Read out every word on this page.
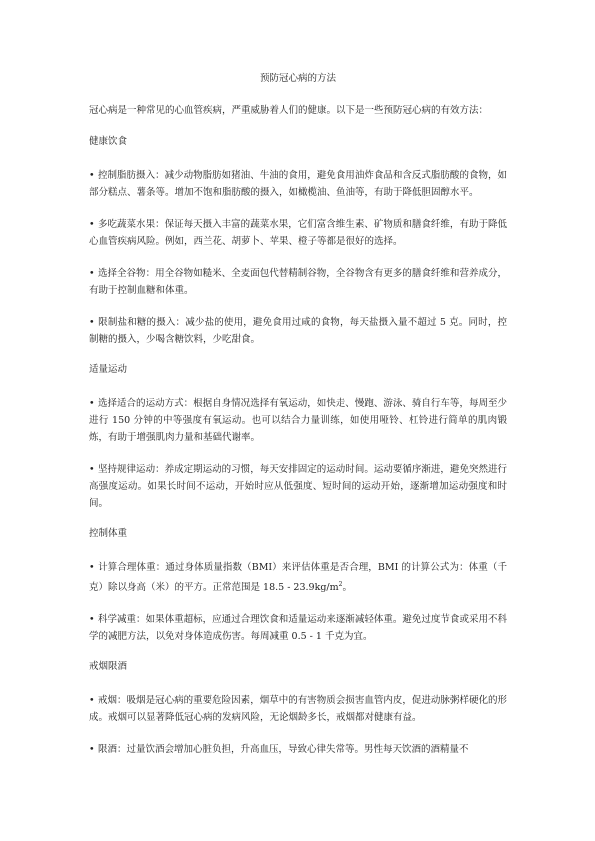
预防冠心病的方法
冠心病是一种常见的心血管疾病，严重威胁着人们的健康。以下是一些预防冠心病的有效方法：
健康饮食
• 控制脂肪摄入：减少动物脂肪如猪油、牛油的食用，避免食用油炸食品和含反式脂肪酸的食物，如部分糕点、薯条等。增加不饱和脂肪酸的摄入，如橄榄油、鱼油等，有助于降低胆固醇水平。
• 多吃蔬菜水果：保证每天摄入丰富的蔬菜水果，它们富含维生素、矿物质和膳食纤维，有助于降低心血管疾病风险。例如，西兰花、胡萝卜、苹果、橙子等都是很好的选择。
• 选择全谷物：用全谷物如糙米、全麦面包代替精制谷物，全谷物含有更多的膳食纤维和营养成分，有助于控制血糖和体重。
• 限制盐和糖的摄入：减少盐的使用，避免食用过咸的食物，每天盐摄入量不超过 5 克。同时，控制糖的摄入，少喝含糖饮料，少吃甜食。
适量运动
• 选择适合的运动方式：根据自身情况选择有氧运动，如快走、慢跑、游泳、骑自行车等，每周至少进行 150 分钟的中等强度有氧运动。也可以结合力量训练，如使用哑铃、杠铃进行简单的肌肉锻炼，有助于增强肌肉力量和基础代谢率。
• 坚持规律运动：养成定期运动的习惯，每天安排固定的运动时间。运动要循序渐进，避免突然进行高强度运动。如果长时间不运动，开始时应从低强度、短时间的运动开始，逐渐增加运动强度和时间。
控制体重
• 计算合理体重：通过身体质量指数（BMI）来评估体重是否合理，BMI 的计算公式为：体重（千克）除以身高（米）的平方。正常范围是 $18.5 - 23.9kg/m^2$。
• 科学减重：如果体重超标，应通过合理饮食和适量运动来逐渐减轻体重。避免过度节食或采用不科学的减肥方法，以免对身体造成伤害。每周减重 0.5 - 1 千克为宜。
戒烟限酒
• 戒烟：吸烟是冠心病的重要危险因素，烟草中的有害物质会损害血管内皮，促进动脉粥样硬化的形成。戒烟可以显著降低冠心病的发病风险，无论烟龄多长，戒烟都对健康有益。
• 限酒：过量饮酒会增加心脏负担，升高血压，导致心律失常等。男性每天饮酒的酒精量不
